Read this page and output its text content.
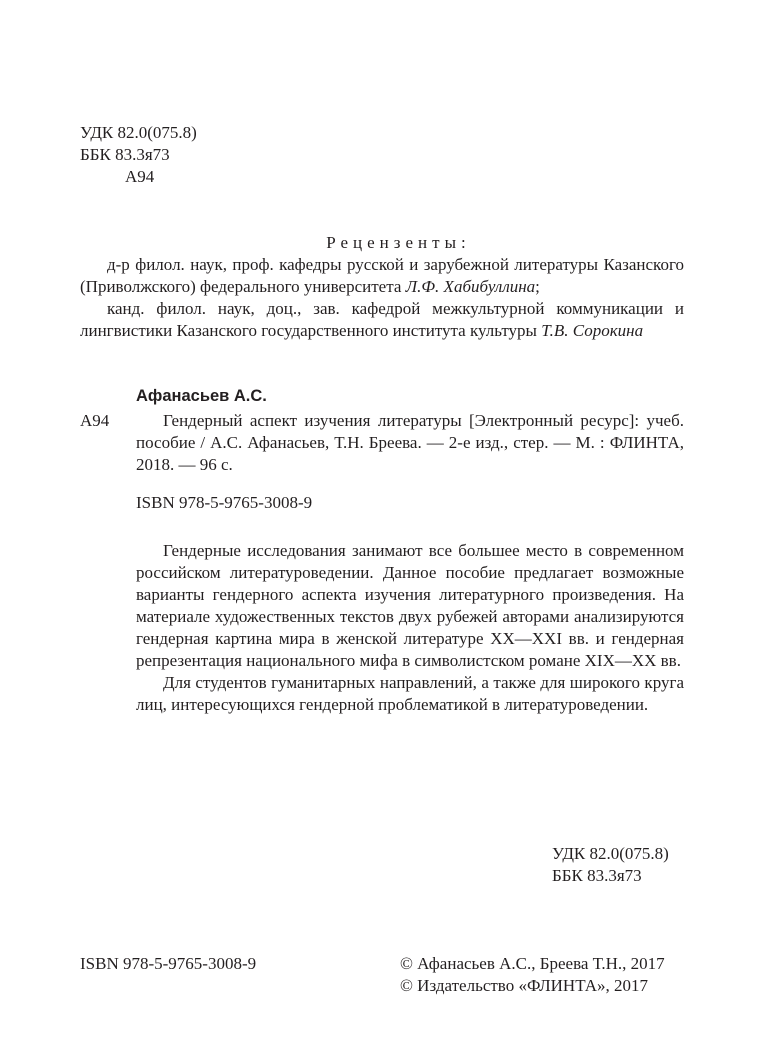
УДК 82.0(075.8)
ББК 83.3я73
А94
Рецензенты:

д-р филол. наук, проф. кафедры русской и зарубежной литературы Казанского (Приволжского) федерального университета Л.Ф. Хабибуллина;

канд. филол. наук, доц., зав. кафедрой межкультурной коммуникации и лингвистики Казанского государственного института культуры Т.В. Сорокина

Афанасьев А.С.
А94	Гендерный аспект изучения литературы [Электронный ресурс]: учеб. пособие / А.С. Афанасьев, Т.Н. Бреева. — 2-е изд., стер. — М. : ФЛИНТА, 2018. — 96 с.

ISBN 978-5-9765-3008-9

Гендерные исследования занимают все большее место в современном российском литературоведении. Данное пособие предлагает возможные варианты гендерного аспекта изучения литературного произведения. На материале художественных текстов двух рубежей авторами анализируются гендерная картина мира в женской литературе XX—XXI вв. и гендерная репрезентация национального мифа в символистском романе XIX—XX вв.

Для студентов гуманитарных направлений, а также для широкого круга лиц, интересующихся гендерной проблематикой в литературоведении.

УДК 82.0(075.8)
ББК 83.3я73
ISBN 978-5-9765-3008-9	© Афанасьев А.С., Бреева Т.Н., 2017
© Издательство «ФЛИНТА», 2017
